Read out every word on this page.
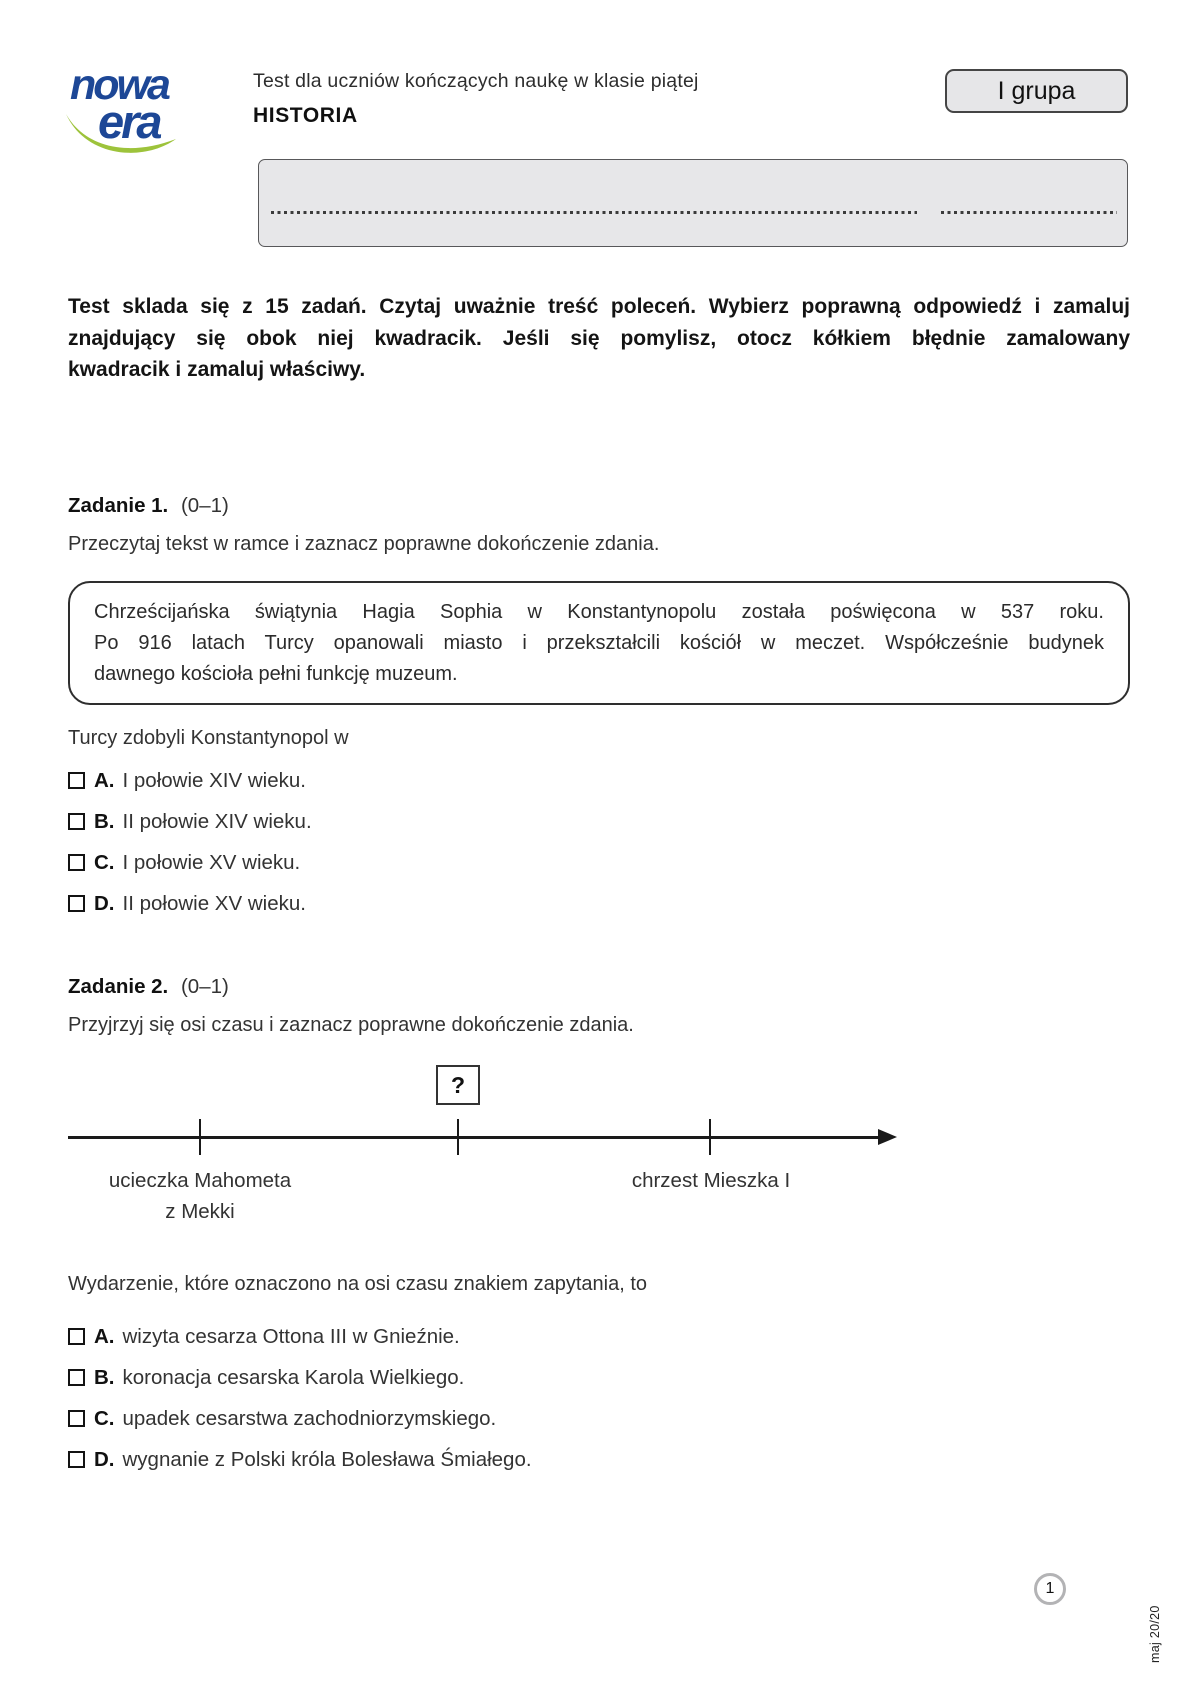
nowa
era
Test dla uczniów kończących naukę w klasie piątej
HISTORIA
I grupa
Test sklada się z 15 zadań. Czytaj uważnie treść poleceń. Wybierz poprawną odpowiedź i zamaluj
znajdujący się obok niej kwadracik. Jeśli się pomylisz, otocz kółkiem błędnie zamalowany
kwadracik i zamaluj właściwy.
Zadanie 1. (0–1)
Przeczytaj tekst w ramce i zaznacz poprawne dokończenie zdania.
Chrześcijańska świątynia Hagia Sophia w Konstantynopolu została poświęcona w 537 roku.
Po 916 latach Turcy opanowali miasto i przekształcili kościół w meczet. Współcześnie budynek
dawnego kościoła pełni funkcję muzeum.
Turcy zdobyli Konstantynopol w
A. I połowie XIV wieku.
B. II połowie XIV wieku.
C. I połowie XV wieku.
D. II połowie XV wieku.
Zadanie 2. (0–1)
Przyjrzyj się osi czasu i zaznacz poprawne dokończenie zdania.
?
ucieczka Mahometa
z Mekki
chrzest Mieszka I
Wydarzenie, które oznaczono na osi czasu znakiem zapytania, to
A. wizyta cesarza Ottona III w Gnieźnie.
B. koronacja cesarska Karola Wielkiego.
C. upadek cesarstwa zachodniorzymskiego.
D. wygnanie z Polski króla Bolesława Śmiałego.
1
maj 20/20
